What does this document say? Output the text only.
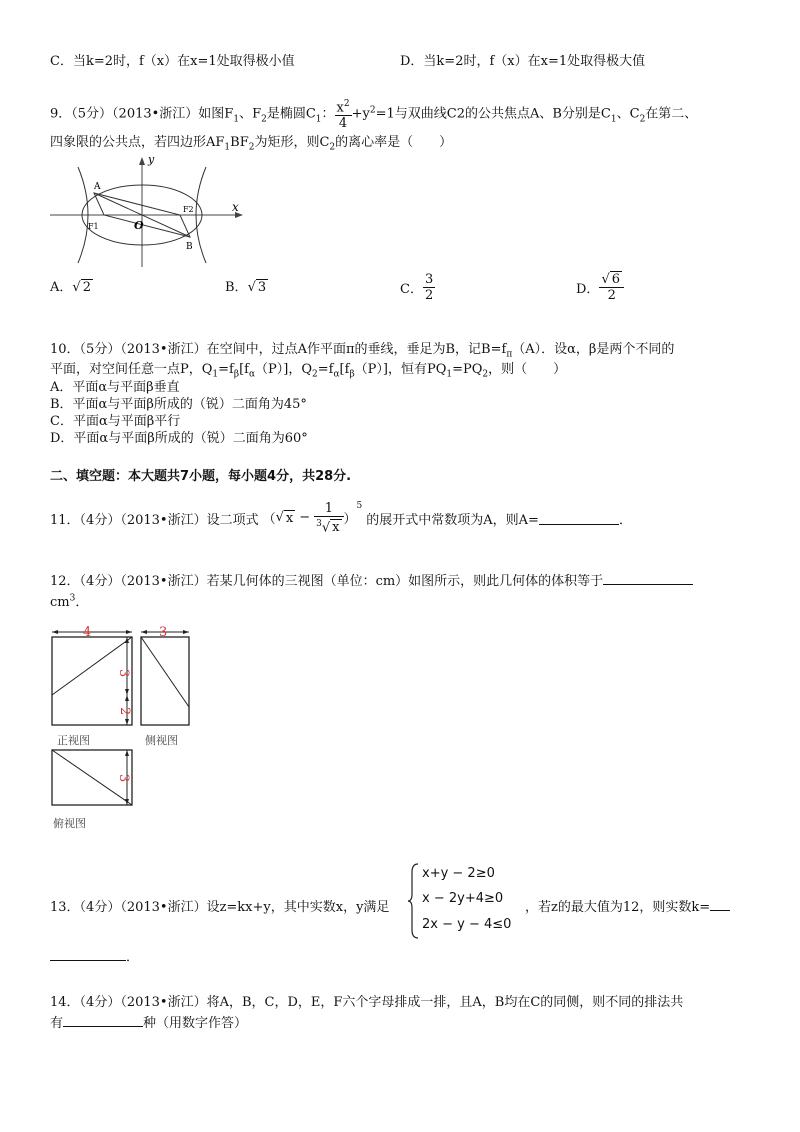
C．当k=2时，f（x）在x=1处取得极小值	D．当k=2时，f（x）在x=1处取得极大值
9．（5分）（2013•浙江）如图$F_1$、$F_2$是椭圆$C_1$： $\frac{x^2}{4} +y^2=1$与双曲线C2的公共焦点A、B分别是$C_1$、$C_2$在第二、
四象限的公共点，若四边形$AF_1BF_2$为矩形，则$C_2$的离心率是（　　）
y
x
A
B
O
F1
F2
A．√ 2	B．√ 3	C． $\frac{3}{2}$	D． $\frac{√ 6}{2}$
10．（5分）（2013•浙江）在空间中，过点A作平面π的垂线，垂足为B，记$B=f_\pi(A)$．设α，β是两个不同的
平面，对空间任意一点P，$Q_1=f_\beta[f_\alpha(P)]$，$Q_2=f_\alpha[f_\beta(P)]$，恒有$PQ_1=PQ_2$，则（　　）
A．平面α与平面β垂直
B．平面α与平面β所成的（锐）二面角为45°
C．平面α与平面β平行
D．平面α与平面β所成的（锐）二面角为60°
二、填空题：本大题共7小题，每小题4分，共28分.
11．（4分）（2013•浙江）设二项式 （ √ $x - \frac{1}{^3√ x}$ ）
$^5$
的展开式中常数项为A，则A=	．
12．（4分）（2013•浙江）若某几何体的三视图（单位：cm）如图所示，则此几何体的体积等于
$cm^3$．
4
3
2
正视图
3
侧视图
3
俯视图
13．（4分）（2013•浙江）设z=kx+y，其中实数x，y满足
x+y − 2≥0
x − 2y+4≥0
2x − y − 4≤0
，若z的最大值为12，则实数k=
．
14．（4分）（2013•浙江）将A，B，C，D，E，F六个字母排成一排，且A，B均在C的同侧，则不同的排法共
有	种（用数字作答）
